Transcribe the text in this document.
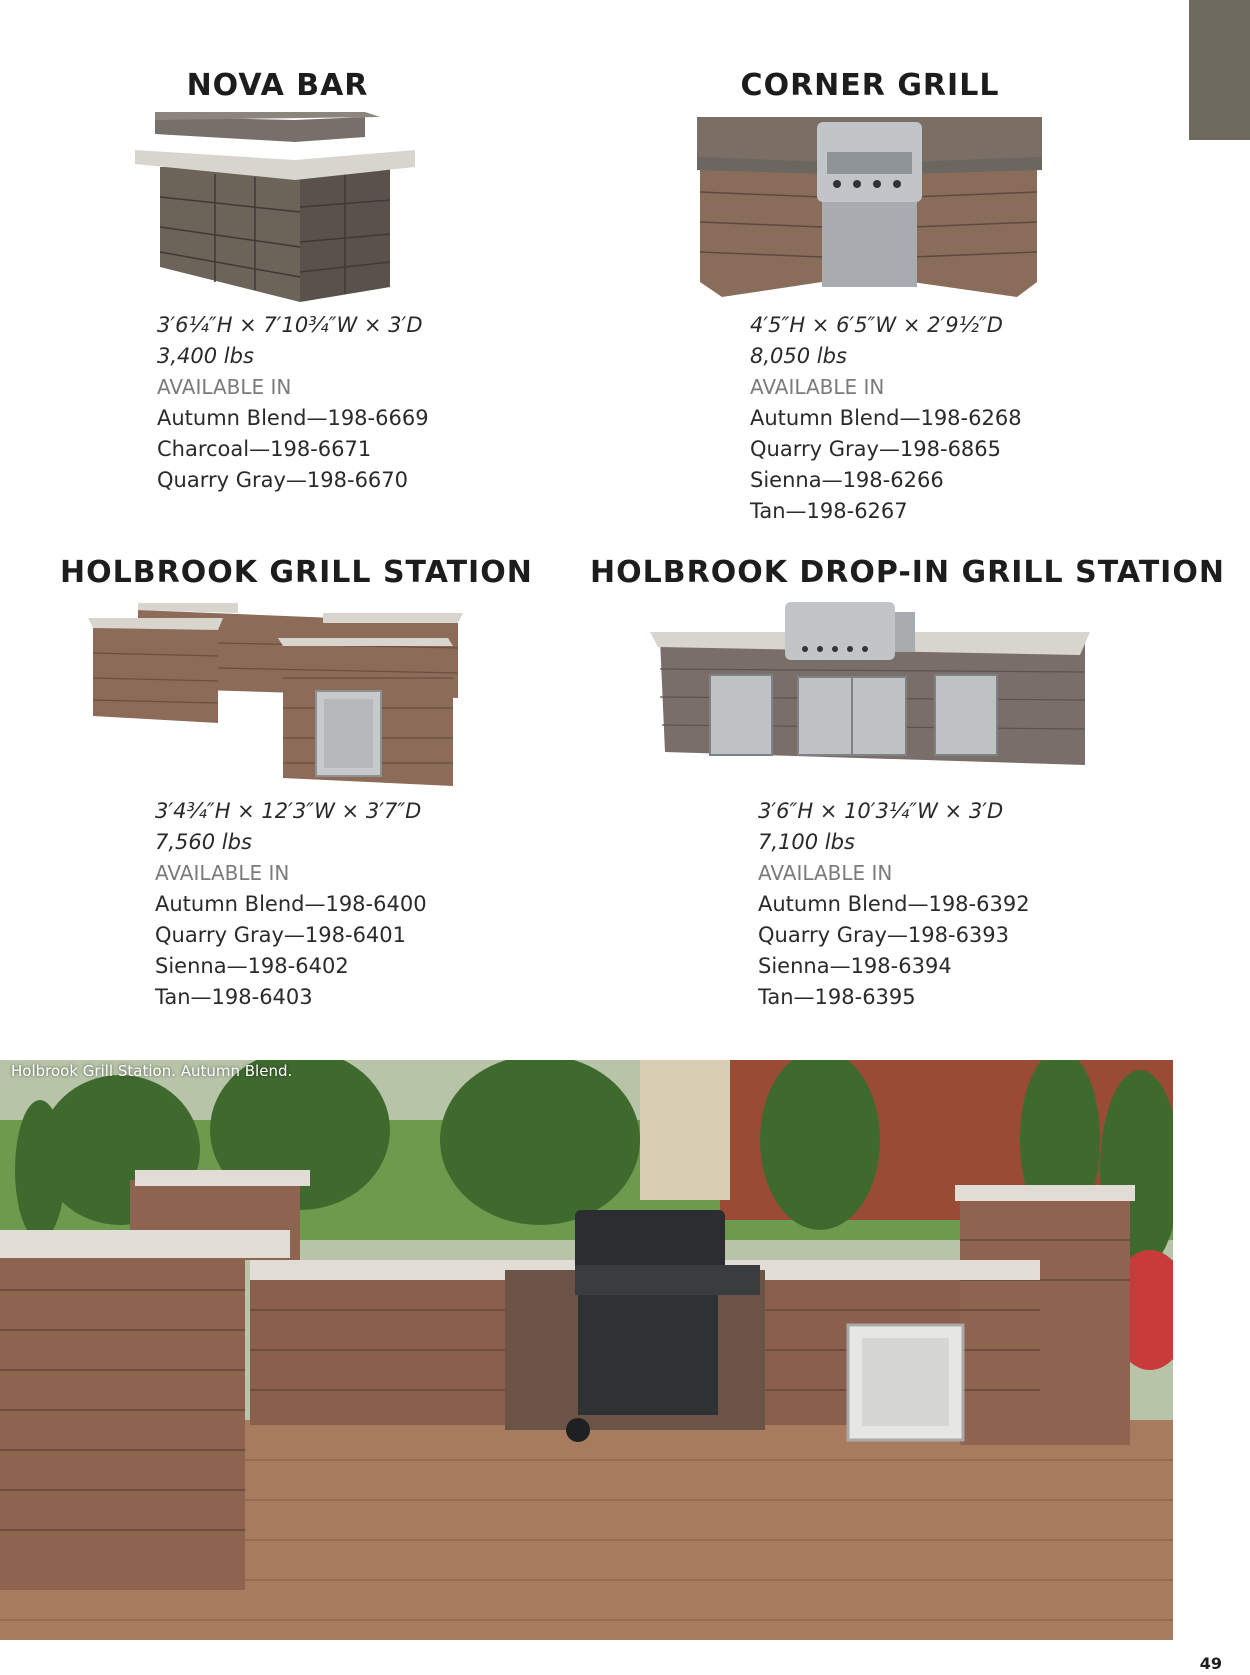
NOVA BAR	CORNER GRILL
3′6¼″H × 7′10¾″W × 3′D
3,400 lbs
AVAILABLE IN
Autumn Blend—198-6669
Charcoal—198-6671
Quarry Gray—198-6670
4′5″H × 6′5″W × 2′9½″D
8,050 lbs
AVAILABLE IN
Autumn Blend—198-6268
Quarry Gray—198-6865
Sienna—198-6266
Tan—198-6267
HOLBROOK GRILL STATION HOLBROOK DROP-IN GRILL STATION
3′4¾″H × 12′3″W × 3′7″D
7,560 lbs
AVAILABLE IN
Autumn Blend—198-6400
Quarry Gray—198-6401
Sienna—198-6402
Tan—198-6403
3′6″H × 10′3¼″W × 3′D
7,100 lbs
AVAILABLE IN
Autumn Blend—198-6392
Quarry Gray—198-6393
Sienna—198-6394
Tan—198-6395
Holbrook Grill Station. Autumn Blend.
49
